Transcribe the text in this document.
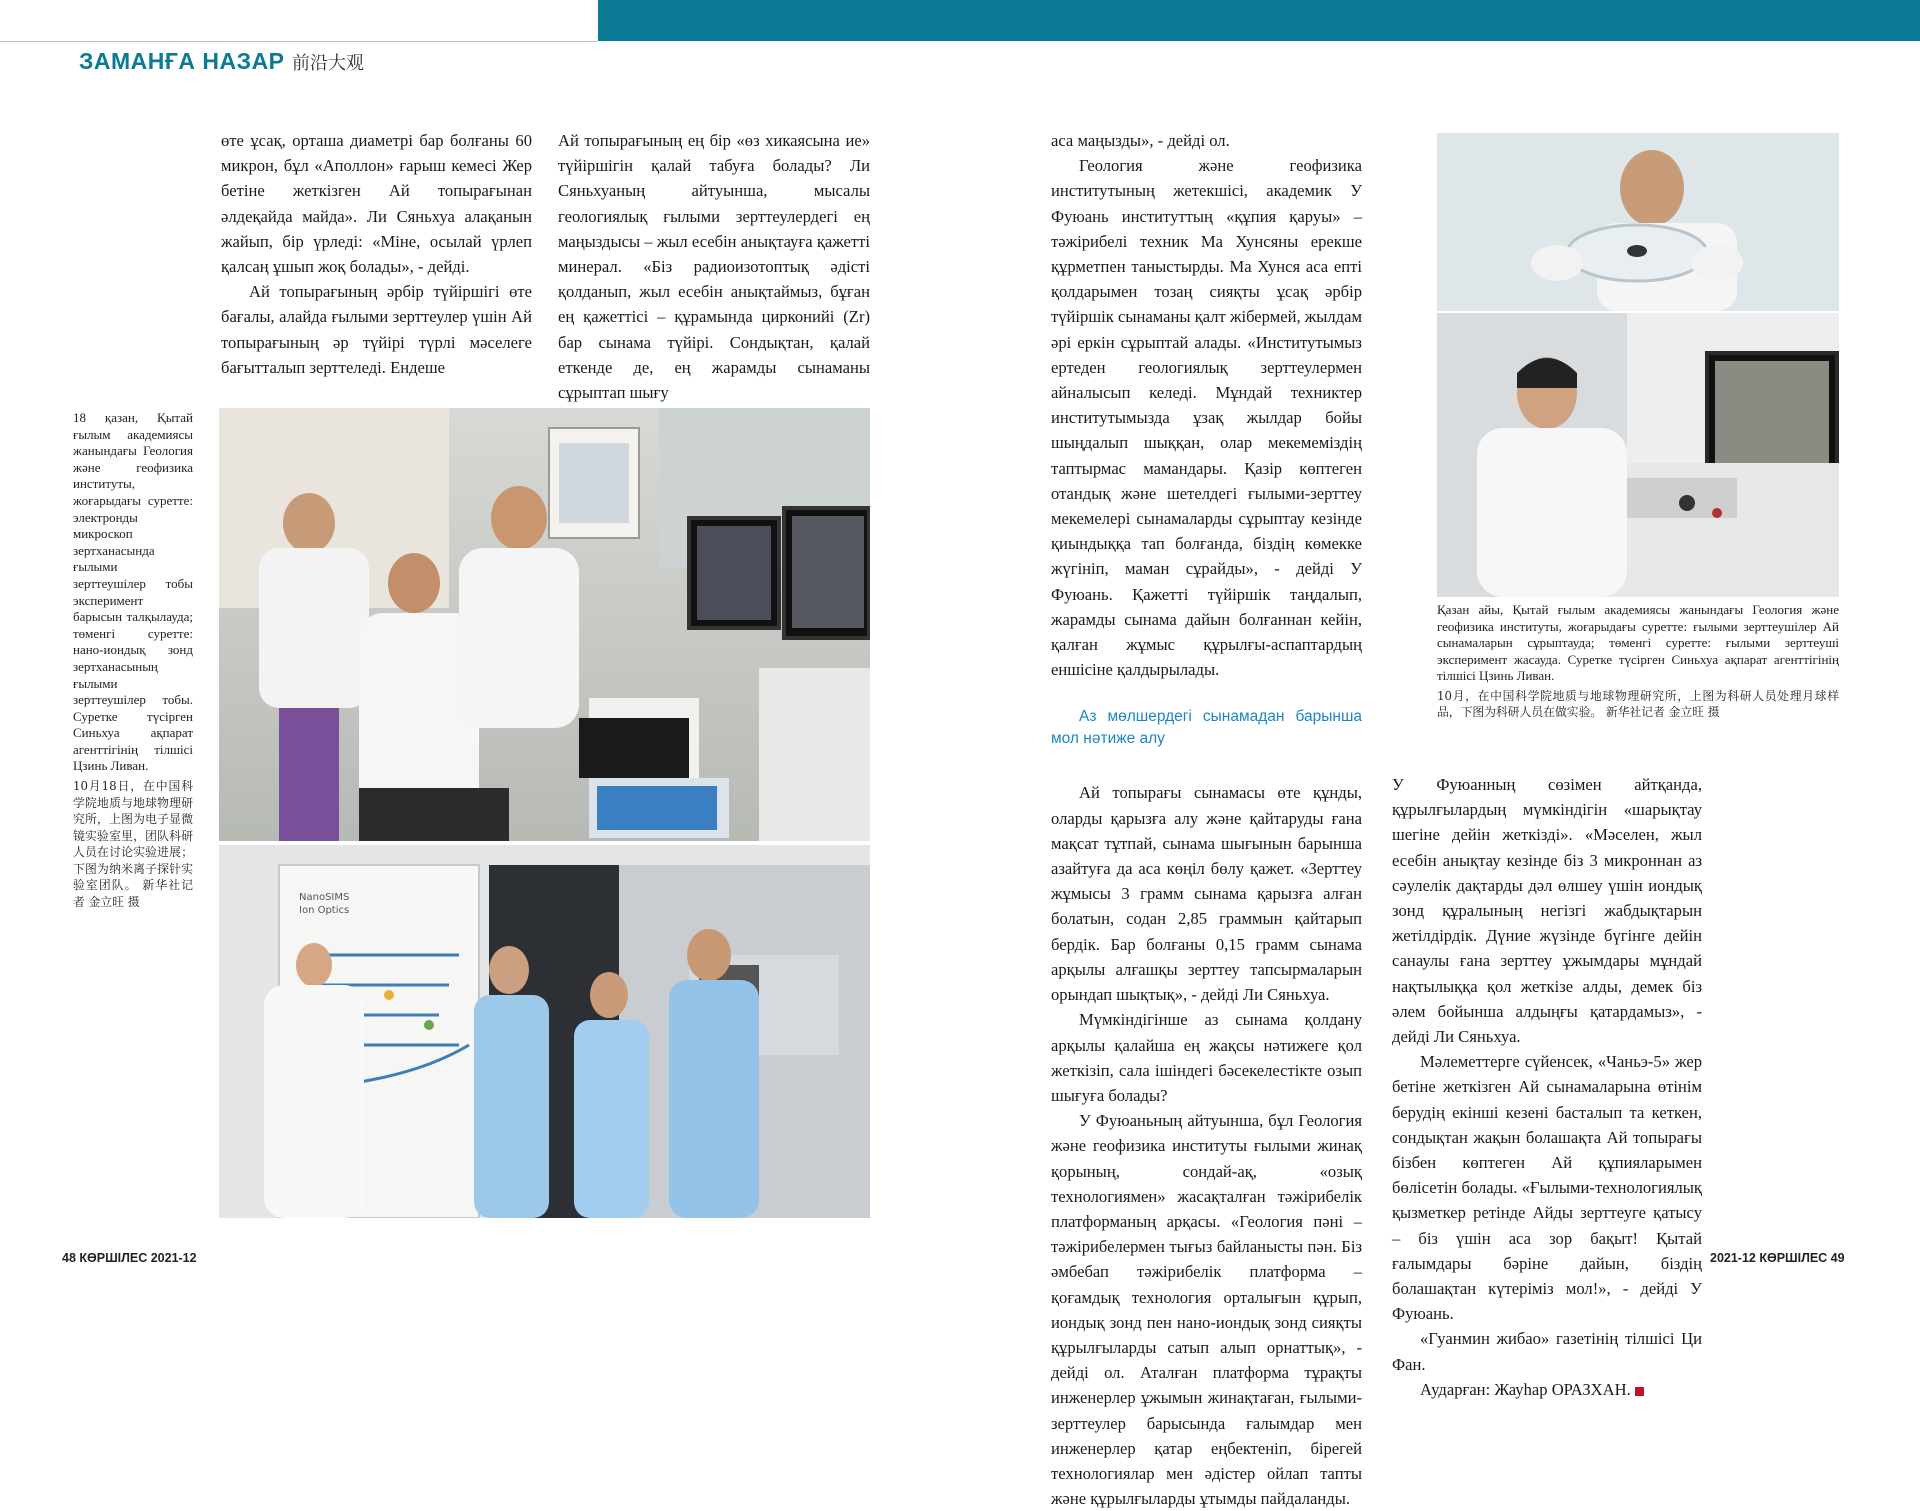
ЗАМАНҒА НАЗАР 前沿大观

өте ұсақ, орташа диаметрі бар болғаны 60 микрон, бұл «Аполлон» ғарыш кемесі Жер бетіне жеткізген Ай топырағынан әлдеқайда майда». Ли Сяньхуа алақанын жайып, бір үрледі: «Міне, осылай үрлеп қалсаң ұшып жоқ болады», - дейді.

Ай топырағының әрбір түйіршігі өте бағалы, алайда ғылыми зерттеулер үшін Ай топырағының әр түйірі түрлі мәселеге бағытталып зерттеледі. Ендеше

Ай топырағының ең бір «өз хикаясына ие» түйіршігін қалай табуға болады? Ли Сяньхуаның айтуынша, мысалы геологиялық ғылыми зерттеулердегі ең маңыздысы – жыл есебін анықтауға қажетті минерал. «Біз радиоизотоптық әдісті қолданып, жыл есебін анықтаймыз, бұған ең қажеттісі – құрамында цирконийі (Zr) бар сынама түйірі. Сондықтан, қалай еткенде де, ең жарамды сынаманы сұрыптап шығу

18 қазан, Қытай ғылым академиясы жанындағы Геология және геофизика институты, жоғарыдағы суретте: электронды микроскоп зертханасында ғылыми зерттеушілер тобы эксперимент барысын талқылауда; төменгі суретте: нано-иондық зонд зертханасының ғылыми зерттеушілер тобы. Суретке түсірген Синьхуа ақпарат агенттігінің тілшісі Цзинь Ливан.

10月18日，在中国科学院地质与地球物理研究所，上图为电子显微镜实验室里，团队科研人员在讨论实验进展；下图为纳米离子探针实验室团队。 新华社记者 金立旺 摄	NanoSIMS
Ion Optics

аса маңызды», - дейді ол.

Геология және геофизика институтының жетекшісі, академик У Фуюань институттың «құпия қаруы» – тәжірибелі техник Ма Хунсяны ерекше құрметпен таныстырды. Ма Хунся аса епті қолдарымен тозаң сияқты ұсақ әрбір түйіршік сынаманы қалт жібермей, жылдам әрі еркін сұрыптай алады. «Институтымыз ертеден геологиялық зерттеулермен айналысып келеді. Мұндай техниктер институтымызда ұзақ жылдар бойы шыңдалып шыққан, олар мекемеміздің таптырмас мамандары. Қазір көптеген отандық және шетелдегі ғылыми-зерттеу мекемелері сынамаларды сұрыптау кезінде қиындыққа тап болғанда, біздің көмекке жүгініп, маман сұрайды», - дейді У Фуюань. Қажетті түйіршік таңдалып, жарамды сынама дайын болғаннан кейін, қалған жұмыс құрылғы-аспаптардың еншісіне қалдырылады.

Аз мөлшердегі сынамадан барынша мол нәтиже алу

Ай топырағы сынамасы өте құнды, оларды қарызға алу және қайтаруды ғана мақсат тұтпай, сынама шығынын барынша азайтуға да аса көңіл бөлу қажет. «Зерттеу жұмысы 3 грамм сынама қарызға алған болатын, содан 2,85 граммын қайтарып бердік. Бар болғаны 0,15 грамм сынама арқылы алғашқы зерттеу тапсырмаларын орындап шықтық», - дейді Ли Сяньхуа.

Мүмкіндігінше аз сынама қолдану арқылы қалайша ең жақсы нәтижеге қол жеткізіп, сала ішіндегі бәсекелестікте озып шығуға болады?

У Фуюаньның айтуынша, бұл Геология және геофизика институты ғылыми жинақ қорының, сондай-ақ, «озық технологиямен» жасақталған тәжірибелік платформаның арқасы. «Геология пәні – тәжірибелермен тығыз байланысты пән. Біз әмбебап тәжірибелік платформа – қоғамдық технология орталығын құрып, иондық зонд пен нано-иондық зонд сияқты құрылғыларды сатып алып орнаттық», - дейді ол. Аталған платформа тұрақты инженерлер ұжымын жинақтаған, ғылыми-зерттеулер барысында ғалымдар мен инженерлер қатар еңбектеніп, бірегей технологиялар мен әдістер ойлап тапты және құрылғыларды ұтымды пайдаланды.

Қазан айы, Қытай ғылым академиясы жанындағы Геология және геофизика институты, жоғарыдағы суретте: ғылыми зерттеушілер Ай сынамаларын сұрыптауда; төменгі суретте: ғылыми зерттеуші эксперимент жасауда. Суретке түсірген Синьхуа ақпарат агенттігінің тілшісі Цзинь Ливан.

10月，在中国科学院地质与地球物理研究所，上图为科研人员处理月球样品，下图为科研人员在做实验。 新华社记者 金立旺 摄

У Фуюанның сөзімен айтқанда, құрылғылардың мүмкіндігін «шарықтау шегіне дейін жеткізді». «Мәселен, жыл есебін анықтау кезінде біз 3 микроннан аз сәулелік дақтарды дәл өлшеу үшін иондық зонд құралының негізгі жабдықтарын жетілдірдік. Дүние жүзінде бүгінге дейін санаулы ғана зерттеу ұжымдары мұндай нақтылыққа қол жеткізе алды, демек біз әлем бойынша алдыңғы қатардамыз», - дейді Ли Сяньхуа.

Мәлеметтерге сүйенсек, «Чаньэ-5» жер бетіне жеткізген Ай сынамаларына өтінім берудің екінші кезені басталып та кеткен, сондықтан жақын болашақта Ай топырағы бізбен көптеген Ай құпияларымен бөлісетін болады. «Ғылыми-технологиялық қызметкер ретінде Айды зерттеуге қатысу – біз үшін аса зор бақыт! Қытай ғалымдары бәріне дайын, біздің болашақтан күтеріміз мол!», - дейді У Фуюань.

«Гуанмин жибао» газетінің тілшісі Ци Фан.

Аударған: Жауһар ОРАЗХАН.

48 КӨРШІЛЕС 2021-12	2021-12 КӨРШІЛЕС 49
